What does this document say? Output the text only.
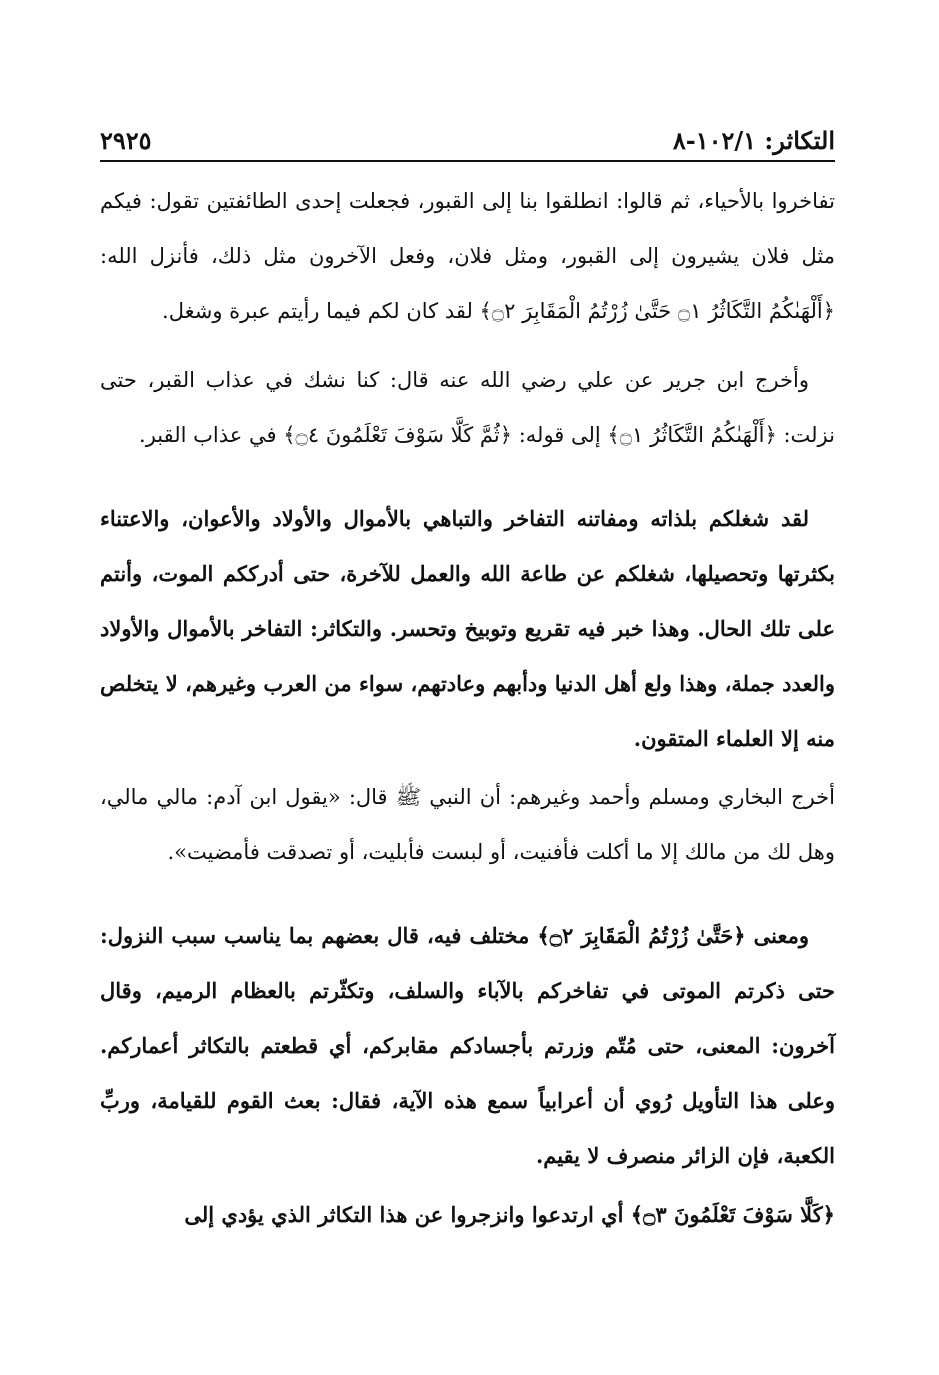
٢٩٢٥	التكاثر: ١٠٢/١-٨

تفاخروا بالأحياء، ثم قالوا: انطلقوا بنا إلى القبور، فجعلت إحدى الطائفتين تقول: فيكم مثل فلان يشيرون إلى القبور، ومثل فلان، وفعل الآخرون مثل ذلك، فأنزل الله: ﴿أَلْهَىٰكُمُ التَّكَاثُرُ ۝١ حَتَّىٰ زُرْتُمُ الْمَقَابِرَ ۝٢﴾ لقد كان لكم فيما رأيتم عبرة وشغل.

وأخرج ابن جرير عن علي رضي الله عنه قال: كنا نشك في عذاب القبر، حتى نزلت: ﴿أَلْهَىٰكُمُ التَّكَاثُرُ ۝١﴾ إلى قوله: ﴿ثُمَّ كَلَّا سَوْفَ تَعْلَمُونَ ۝٤﴾ في عذاب القبر.

لقد شغلكم بلذاته ومفاتنه التفاخر والتباهي بالأموال والأولاد والأعوان، والاعتناء بكثرتها وتحصيلها، شغلكم عن طاعة الله والعمل للآخرة، حتى أدرككم الموت، وأنتم على تلك الحال. وهذا خبر فيه تقريع وتوبيخ وتحسر. والتكاثر: التفاخر بالأموال والأولاد والعدد جملة، وهذا ولع أهل الدنيا ودأبهم وعادتهم، سواء من العرب وغيرهم، لا يتخلص منه إلا العلماء المتقون.

أخرج البخاري ومسلم وأحمد وغيرهم: أن النبي ﷺ قال: «يقول ابن آدم: مالي مالي، وهل لك من مالك إلا ما أكلت فأفنيت، أو لبست فأبليت، أو تصدقت فأمضيت».

ومعنى ﴿حَتَّىٰ زُرْتُمُ الْمَقَابِرَ ۝٢﴾ مختلف فيه، قال بعضهم بما يناسب سبب النزول: حتى ذكرتم الموتى في تفاخركم بالآباء والسلف، وتكثّرتم بالعظام الرميم، وقال آخرون: المعنى، حتى مُتّم وزرتم بأجسادكم مقابركم، أي قطعتم بالتكاثر أعماركم. وعلى هذا التأويل رُوي أن أعرابياً سمع هذه الآية، فقال: بعث القوم للقيامة، وربِّ الكعبة، فإن الزائر منصرف لا يقيم.

﴿كَلَّا سَوْفَ تَعْلَمُونَ ۝٣﴾ أي ارتدعوا وانزجروا عن هذا التكاثر الذي يؤدي إلى
